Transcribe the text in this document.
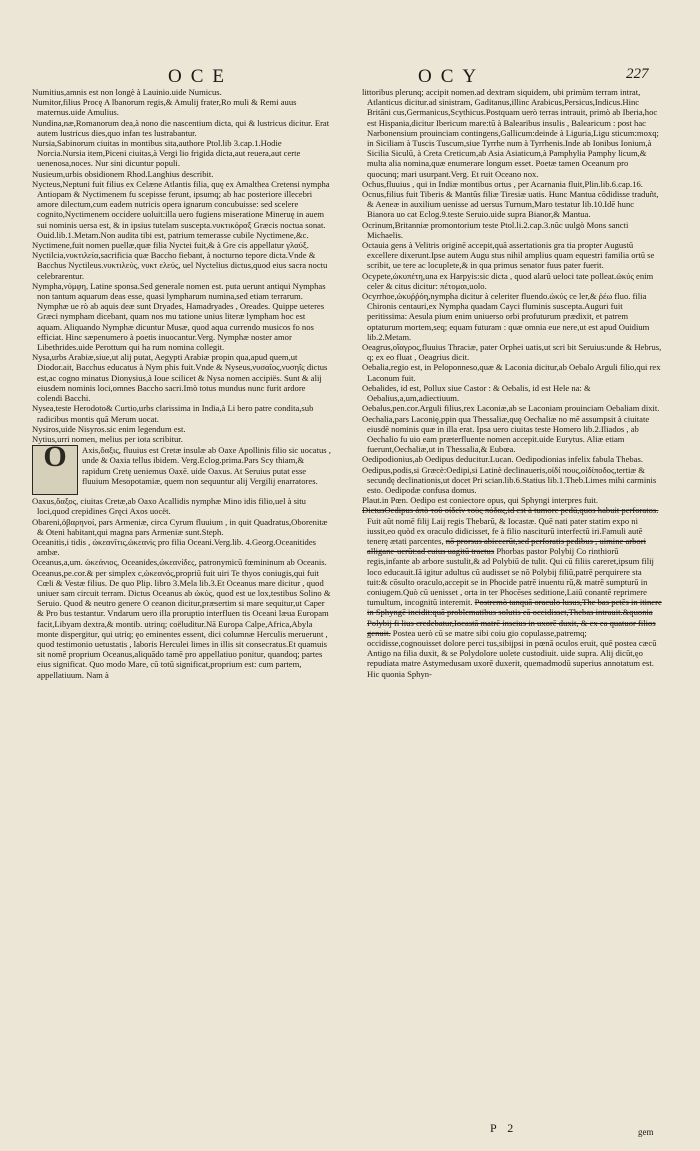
OCE	OCY	227
Numitius,amnis est non longè à Lauinio.uide Numicus.
Numitor,filius Procę A lbanorum regis,& Amulij frater,Ro muli & Remi auus maternus.uide Amulius.
Nundina,næ,Romanorum dea,à nono die nascentium dicta, qui & lustricus dicitur. Erat autem lustricus dies,quo infan tes lustrabantur.
Nursia,Sabinorum ciuitas in montibus sita,authore Ptol.lib 3.cap.1.Hodie Norcia.Nursia item,Piceni ciuitas,à Vergi lio frigida dicta,aut reuera,aut certe uenenosa,noces. Nur sini dicuntur populi.
Nusieum,urbis obsidionem Rhod.Langhius describit.
Nycteus,Neptuni fuit filius ex Celæne Atlantis filia, quę ex Amalthea Cretensi nympha Antiopam & Nyctimenem fu scepisse ferunt, ipsumq; ab hac posteriore illecebri amore dilectum,cum eadem nutricis opera ignarum concubuisse: sed scelere cognito,Nyctimenem occidere uoluit:illa uero fugiens miseratione Mineruę in auem sui nominis uersa est, & in ipsius tutelam suscepta.νυκτικόραξ Græcis noctua sonat. Ouid.lib.1.Metam.Non audita tibi est, patrium temerasse cubile Nyctimene,&c.
Nyctimene,fuit nomen puellæ,quæ filia Nyctei fuit,& à Gre cis appellatur γλαύξ.
Nyctilcia,νυκτιλεία,sacrificia quæ Baccho fiebant, à nocturno tepore dicta.Vnde & Bacchus Nyctileus.νυκτιλεύς, νυκτ ελεύς, uel Nyctelius dictus,quod eius sacra noctu celebrarentur.
Nympha,νύμφη, Latine sponsa.Sed generale nomen est. puta uerunt antiqui Nymphas non tantum aquarum deas esse, quasi lympharum numina,sed etiam terrarum. Nymphæ ue rò ab aquis deæ sunt Dryades, Hamadryades , Oreades. Quippe ueteres Græci nympham dicebant, quam nos mu tatione unius literæ lympham hoc est aquam. Aliquando Nymphæ dicuntur Musæ, quod aqua currendo musicos fo nos efficiat. Hinc sæpenumero à poetis inuocantur.Verg. Nymphæ noster amor Libethrides.uide Perottum qui ha rum nomina collegit.
Nysa,urbs Arabiæ,siue,ut alij putat, Aegypti Arabiæ propin qua,apud quem,ut Diodor.ait, Bacchus educatus à Nym phis fuit.Vnde & Nyseus,νυσαῖος,νυσηΐς dictus est,ac cogno minatus Dionysius,à Ioue scilicet & Nysa nomen accipiës. Sunt & alij eiusdem nominis loci,omnes Baccho sacri.Imò totus mundus nunc furit ardore colendi Bacchi.
Nysea,teste Herodoto& Curtio,urbs clarissima in India,à Li bero patre condita,sub radicibus montis quā Merum uocat.
Nysiros,uide Nisyros.sic enim legendum est.
Nytius,urri nomen, melius per iota scribitur.
O	Axis,ὄαξις, fluuius est Cretæ insulæ ab Oaxe Apollinis filio sic uocatus , unde & Oaxia tellus ibidem. Verg.Eclog.prima.Pars Scy thiam,& rapidum Cretę ueniemus Oaxē. uide Oaxus. At Seruius putat esse fluuium Mesopotamiæ, quem non sequuntur alij Vergilij enarratores.
Oaxus,ὄαξος, ciuitas Cretæ,ab Oaxo Acallidis nymphæ Mino idis filio,uel à situ loci,quod crepidines Gręci Axos uocët.
Obareni,ὀβαρηνοί, pars Armeniæ, circa Cyrum fluuium , in quit Quadratus,Oborenitæ & Oteni habitant,qui magna pars Armeniæ sunt.Steph.
Oceanitis,i tidis , ὠκεανῖτις,ὠκεανὶς pro filia Oceani.Verg.lib. 4.Georg.Oceanitides ambæ.
Oceanus,a,um. ὠκεάνιος, Oceanides,ὠκεανίδες, patronymicū fœmininum ab Oceanis.
Oceanus,pe.cor.& per simplex c,ὠκεανός,propriū fuit uiri Te thyos coniugis,qui fuit Cœli & Vestæ filius. De quo Plip. libro 3.Mela lib.3.Et Oceanus mare dicitur , quod uniuer sam circuit terram. Dictus Oceanus ab ὠκύς, quod est ue lox,testibus Solino & Seruio. Quod & neutro genere O ceanon dicitur,præsertim si mare sequitur,ut Caper & Pro bus testantur. Vndarum uero illa proruptio interfluen tis Oceani læua Europam facit,Libyam dextra,& montib. utrinq; coëluditur.Nā Europa Calpe,Africa,Abyla monte dispergitur, qui utriq; ęo eminentes essent, dici columnæ Herculis meruerunt , quod testimonio uetustatis , laboris Herculei limes in illis sit consecratus.Et quamuis sit nomē proprium Oceanus,aliquādo tamē pro appellatiuo ponitur, quandoq; partes eius significat. Quo modo Mare, cū totū significat,proprium est: cum partem, appellatiuum. Nam à
littoribus plerunq; accipit nomen.ad dextram siquidem, ubi primùm terram intrat, Atlanticus dicitur.ad sinistram, Gaditanus,illinc Arabicus,Persicus,Indicus.Hinc Britāni cus,Germanicus,Scythicus.Postquam uerò terras intrauit, primò ab Iberia,hoc est Hispania,dicitur Ibericum mare:tū à Balearibus insulis , Balearicum : post hac Narbonensium prouinciam contingens,Gallicum:deinde à Liguria,Ligu sticum:moxq; in Siciliam à Tuscis Tuscum,siue Tyrrhe num à Tyrrhenis.Inde ab Ionibus Ionium,à Sicilia Siculū, à Creta Creticum,ab Asia Asiaticum,à Pamphylia Pamphy licum,& multa alia nomina,quæ enumerare longum esset. Poetæ tamen Oceanum pro quocunq; mari usurpant.Verg. Et ruit Oceano nox.
Ochus,fluuius , qui in Indiæ montibus ortus , per Acarnania fluit,Plin.lib.6.cap.16.
Ocnus,filius fuit Tiberis & Mantūs filiæ Tiresiæ uatis. Hunc Mantua cōdidisse traduñt, & Aeneæ in auxilium uenisse ad uersus Turnum,Maro testatur lib.10.Idē hunc Bianora uo cat Eclog.9.teste Seruio.uide supra Bianor,& Mantua.
Ocrinum,Britanniæ promontorium teste Ptol.li.2.cap.3.nūc uulgò Mons sancti Michaelis.
Octauia gens à Velitris originē accepit,quā assertationis gra tia propter Augustū excellere dixerunt.Ipse autem Augu stus nihil amplius quam equestri familia ortū se scribit, ue tere ac locuplete,& in qua primus senator fuus pater fuerit.
Ocypete,ὠκυπέτη,una ex Harpyis:sic dicta , quod alarū ueloci tate polleat.ὠκύς enim celer & citus dicitur: πέτομαι,uolo.
Ocyrrhoe,ὠκυῤῥόη,nympha dicitur à celeriter fluendo.ὠκύς ce ler,& ῥέω fluo. filia Chironis centauri,ex Nympha quadam Cayci fluminis suscepta.Auguri fuit peritissima: Aesula pium enim uniuerso orbi profuturum prædixit, et patrem optaturum mortem,seq; equam futuram : quæ omnia eue nere,ut est apud Ouidium lib.2.Metam.
Oeagrus,οἴαγρος,fluuius Thraciæ, pater Orphei uatis,ut scri bit Seruius:unde & Hebrus, q; ex eo fluat , Oeagrius dicit.
Oebalia,regio est, in Peloponneso,quæ & Laconia dicitur,ab Oebalo Arguli filio,qui rex Laconum fuit.
Oebalides, id est, Pollux siue Castor : & Oebalis, id est Hele na: & Oebalius,a,um,adiectiuum.
Oebalus,pen.cor.Arguli filius,rex Laconiæ,ab se Laconiam prouinciam Oebaliam dixit.
Oechalia,pars Laconię,ppin qua Thessaliæ,quę Oechaliæ no mē assumpsit à ciuitate eiusdē nominis quæ in illa erat. Ipsa uero ciuitas teste Homero lib.2.Iliados , ab Oechalio fu uio eam præterfluente nomen accepit.uide Eurytus. Aliæ etiam fuerunt,Oechaliæ,ut in Thessalia,& Eubœa.
Oedipodionius,ab Oedipus deducitur.Lucan. Oedipodionias infelix fabula Thebas.
Oedipus,podis,si Græcè:Oedipi,si Latinè declinaueris,οἰδί πους,οἰδίποδος,tertiæ & secundę declinationis,ut docet Pri scian.lib.6.Statius lib.1.Theb.Limes mihi carminis esto. Oedipodæ confusa domus.
Plaut.in Pœn. Oedipo est coniectore opus, qui Sphyngi interpres fuit.
DictusOedipus ἀπὸ τοῦ οἰδεῖν τοὺς πόδας,id est à tumore pedū,quos habuit perforatos. Fuit aūt nomē filij Laij regis Thebarū, & Iocastæ. Quē nati pater statim expo ni iussit,eo quòd ex oraculo didicisset, fe à filio nasciturū interfectū iri.Famuli autē tenerę ætati parcentes, nō prorsus abiecerūt,sed perforatis pedibus , uimine arbori alligane-uerūt:ad cuius uagitū tractus Phorbas pastor Polybij Co rinthiorū regis,infante ab arbore sustulit,& ad Polybiū de tulit. Qui cū filiis careret,ipsum filij loco educauit.Iā igitur adultus cū audisset se nō Polybij filiū,patrē perquirere sta tuit:& cōsulto oraculo,accepit se in Phocide patrē inuentu rū,& matrē sumpturū in coniugem.Quò cū uenisset , orta in ter Phocēses seditione,Laiū conantē reprimere tumultum, incognitū interemit. Postremò tanquā oraculo lusus,The bas petēs in itinere in Sphyngē incidit:quā problematibus solutis eā occidisset,Thebas intrauit.&quonia Polybij fi lius credebatur,Iocastā matrē inscius in uxorē duxit, & ex ea quatuor filios genuit. Postea uerò cū se matre sibi coiu gio copulasse,patremq; occidisse,cognouisset dolore perci tus,sibijpsi in pœnā oculos eruit, quē postea cæcū Antigo na filia duxit, & se Polydolore uolete custodiuit. uide supra. Alij dicūt,ęo repudiata matre Astymedusam uxorē duxerit, quemadmodū superius annotatum est. Hic quonia Sphyn-
P 2	gem
